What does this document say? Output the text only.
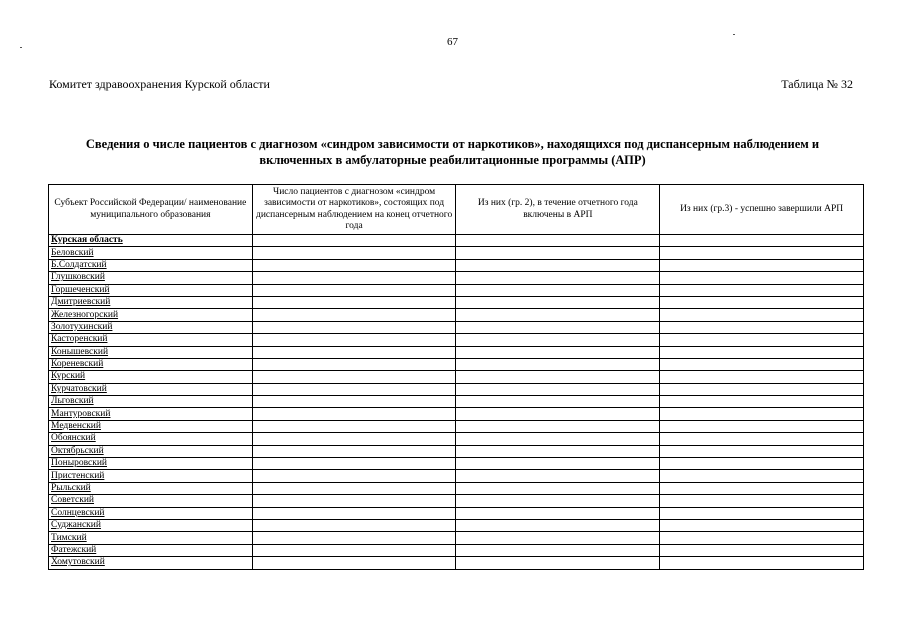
67
Комитет здравоохранения Курской области	Таблица № 32
Сведения о числе пациентов с диагнозом «синдром зависимости от наркотиков», находящихся под диспансерным наблюдением и включенных в амбулаторные реабилитационные программы (АПР)
Субъект Российской Федерации/ наименование муниципального образования	Число пациентов с диагнозом «синдром зависимости от наркотиков», состоящих под диспансерным наблюдением на конец отчетного года	Из них (гр. 2), в течение отчетного года включены в АРП	Из них (гр.3) - успешно завершили АРП
Курская область			
Беловский			
Б.Солдатский			
Глушковский			
Горшеченский			
Дмитриевский			
Железногорский			
Золотухинский			
Касторенский			
Конышевский			
Кореневский			
Курский			
Курчатовский			
Льговский			
Мантуровский			
Медвенский			
Обоянский			
Октябрьский			
Поныровский			
Пристенский			
Рыльский			
Советский			
Солнцевский			
Суджанский			
Тимский			
Фатежский			
Хомутовский			
